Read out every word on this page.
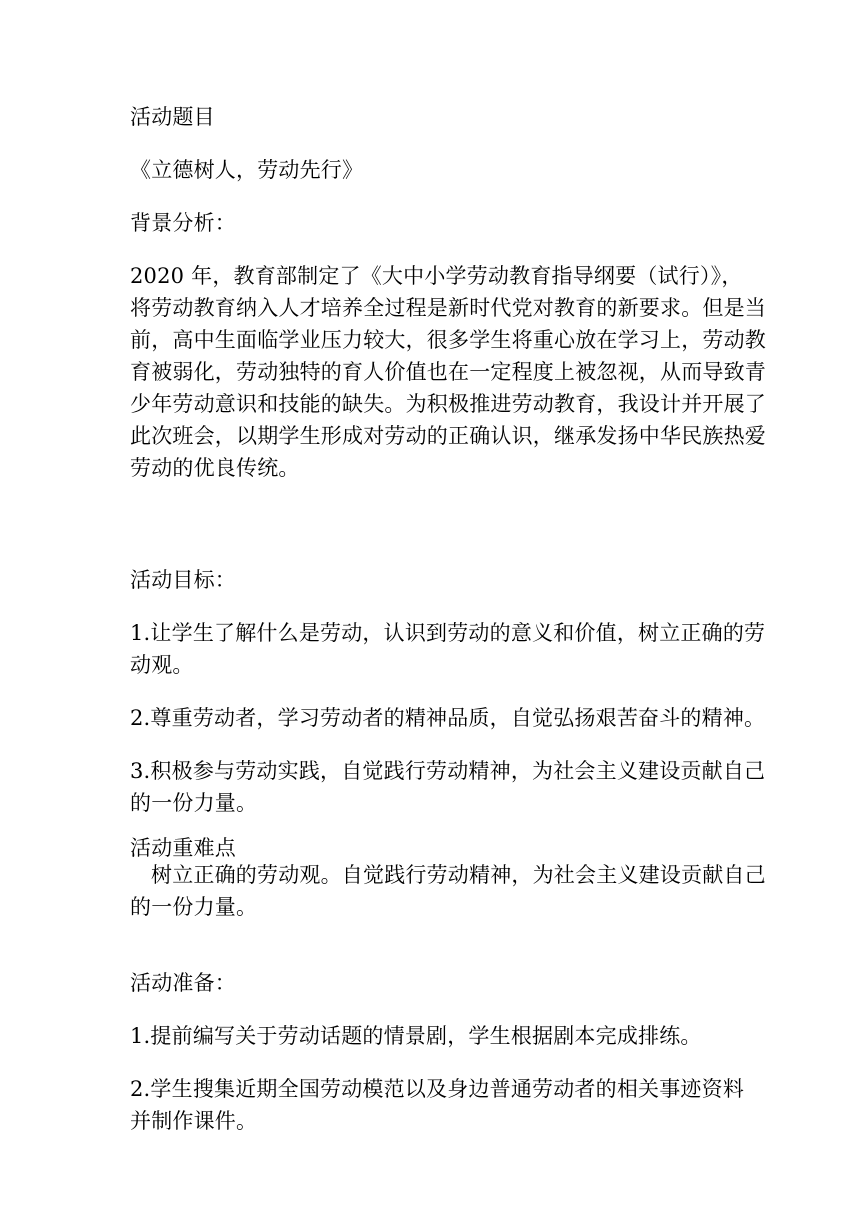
活动题目
《立德树人，劳动先行》
背景分析：
2020 年，教育部制定了《大中小学劳动教育指导纲要（试行）》，
将劳动教育纳入人才培养全过程是新时代党对教育的新要求。但是当
前，高中生面临学业压力较大，很多学生将重心放在学习上，劳动教
育被弱化，劳动独特的育人价值也在一定程度上被忽视，从而导致青
少年劳动意识和技能的缺失。为积极推进劳动教育，我设计并开展了
此次班会，以期学生形成对劳动的正确认识，继承发扬中华民族热爱
劳动的优良传统。
活动目标：
1.让学生了解什么是劳动，认识到劳动的意义和价值，树立正确的劳
动观。
2.尊重劳动者，学习劳动者的精神品质，自觉弘扬艰苦奋斗的精神。
3.积极参与劳动实践，自觉践行劳动精神，为社会主义建设贡献自己
的一份力量。
活动重难点
树立正确的劳动观。自觉践行劳动精神，为社会主义建设贡献自己
的一份力量。
活动准备：
1.提前编写关于劳动话题的情景剧，学生根据剧本完成排练。
2.学生搜集近期全国劳动模范以及身边普通劳动者的相关事迹资料
并制作课件。
